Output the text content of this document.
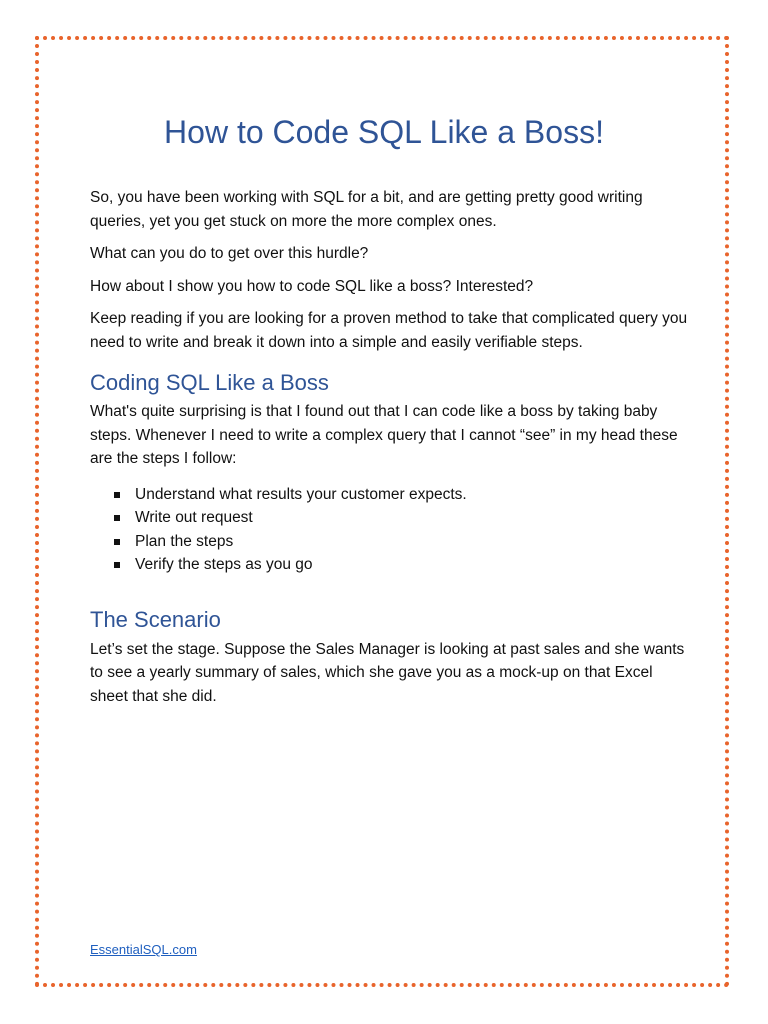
How to Code SQL Like a Boss!

So, you have been working with SQL for a bit, and are getting pretty good writing queries, yet you get stuck on more the more complex ones.

What can you do to get over this hurdle?

How about I show you how to code SQL like a boss? Interested?

Keep reading if you are looking for a proven method to take that complicated query you need to write and break it down into a simple and easily verifiable steps.

Coding SQL Like a Boss

What's quite surprising is that I found out that I can code like a boss by taking baby steps. Whenever I need to write a complex query that I cannot “see” in my head these are the steps I follow:

Understand what results your customer expects.
Write out request
Plan the steps
Verify the steps as you go
The Scenario

Let’s set the stage. Suppose the Sales Manager is looking at past sales and she wants to see a yearly summary of sales, which she gave you as a mock-up on that Excel sheet that she did.

EssentialSQL.com
